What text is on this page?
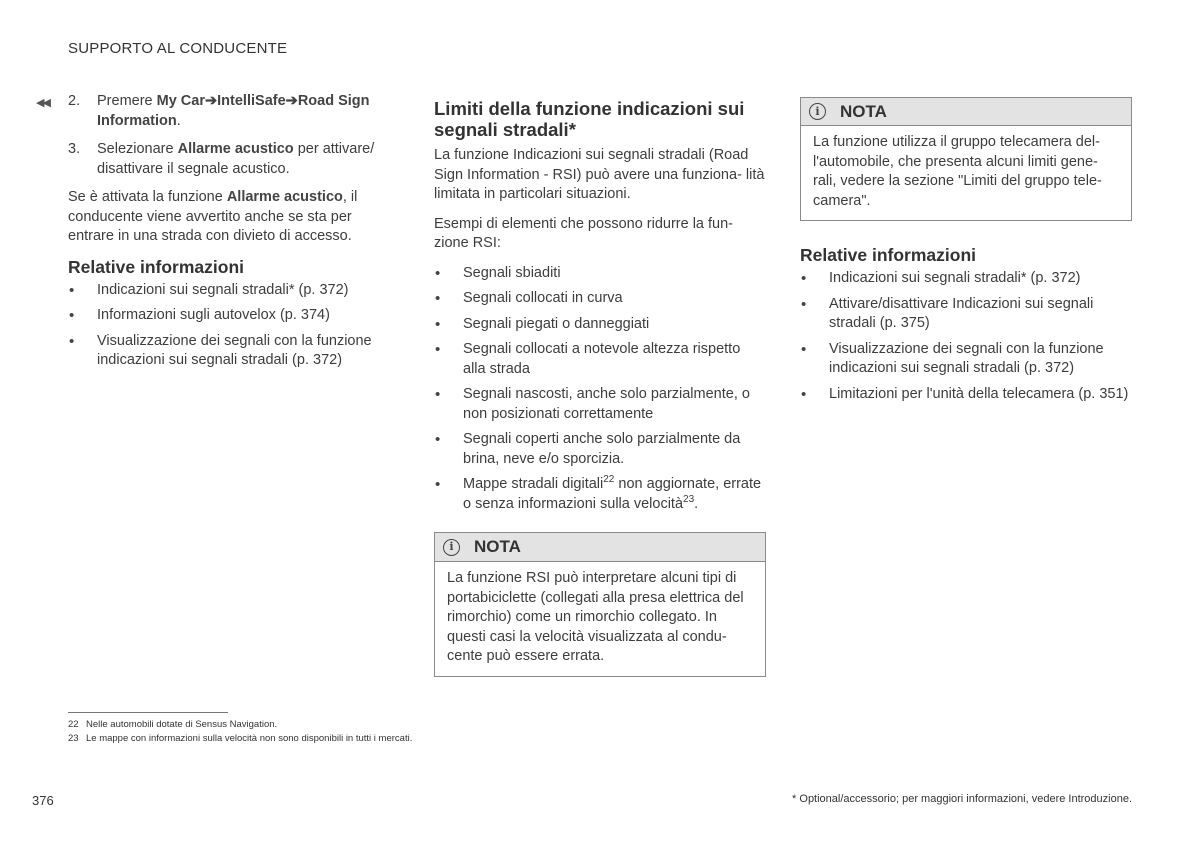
SUPPORTO AL CONDUCENTE
◀◀ 2. Premere My Car➔IntelliSafe➔Road Sign Information.
3. Selezionare Allarme acustico per attivare/ disattivare il segnale acustico.

Se è attivata la funzione Allarme acustico, il conducente viene avvertito anche se sta per entrare in una strada con divieto di accesso.

Relative informazioni
• Indicazioni sui segnali stradali* (p. 372)
• Informazioni sugli autovelox (p. 374)
• Visualizzazione dei segnali con la funzione indicazioni sui segnali stradali (p. 372)
Limiti della funzione indicazioni sui segnali stradali*

La funzione Indicazioni sui segnali stradali (Road Sign Information - RSI) può avere una funziona- lità limitata in particolari situazioni.

Esempi di elementi che possono ridurre la fun- zione RSI:

• Segnali sbiaditi
• Segnali collocati in curva
• Segnali piegati o danneggiati
• Segnali collocati a notevole altezza rispetto alla strada
• Segnali nascosti, anche solo parzialmente, o non posizionati correttamente
• Segnali coperti anche solo parzialmente da brina, neve e/o sporcizia.
• Mappe stradali digitali$^{22}$ non aggiornate, errate o senza informazioni sulla velocità$^{23}$.
i	NOTA
La funzione RSI può interpretare alcuni tipi di portabiciclette (collegati alla presa elettrica del rimorchio) come un rimorchio collegato. In questi casi la velocità visualizzata al condu- cente può essere errata.
i	NOTA
La funzione utilizza il gruppo telecamera del- l'automobile, che presenta alcuni limiti gene- rali, vedere la sezione "Limiti del gruppo tele- camera".
Relative informazioni
• Indicazioni sui segnali stradali* (p. 372)
• Attivare/disattivare Indicazioni sui segnali stradali (p. 375)
• Visualizzazione dei segnali con la funzione indicazioni sui segnali stradali (p. 372)
• Limitazioni per l'unità della telecamera (p. 351)
22 Nelle automobili dotate di Sensus Navigation.
23 Le mappe con informazioni sulla velocità non sono disponibili in tutti i mercati.
376	* Optional/accessorio; per maggiori informazioni, vedere Introduzione.
